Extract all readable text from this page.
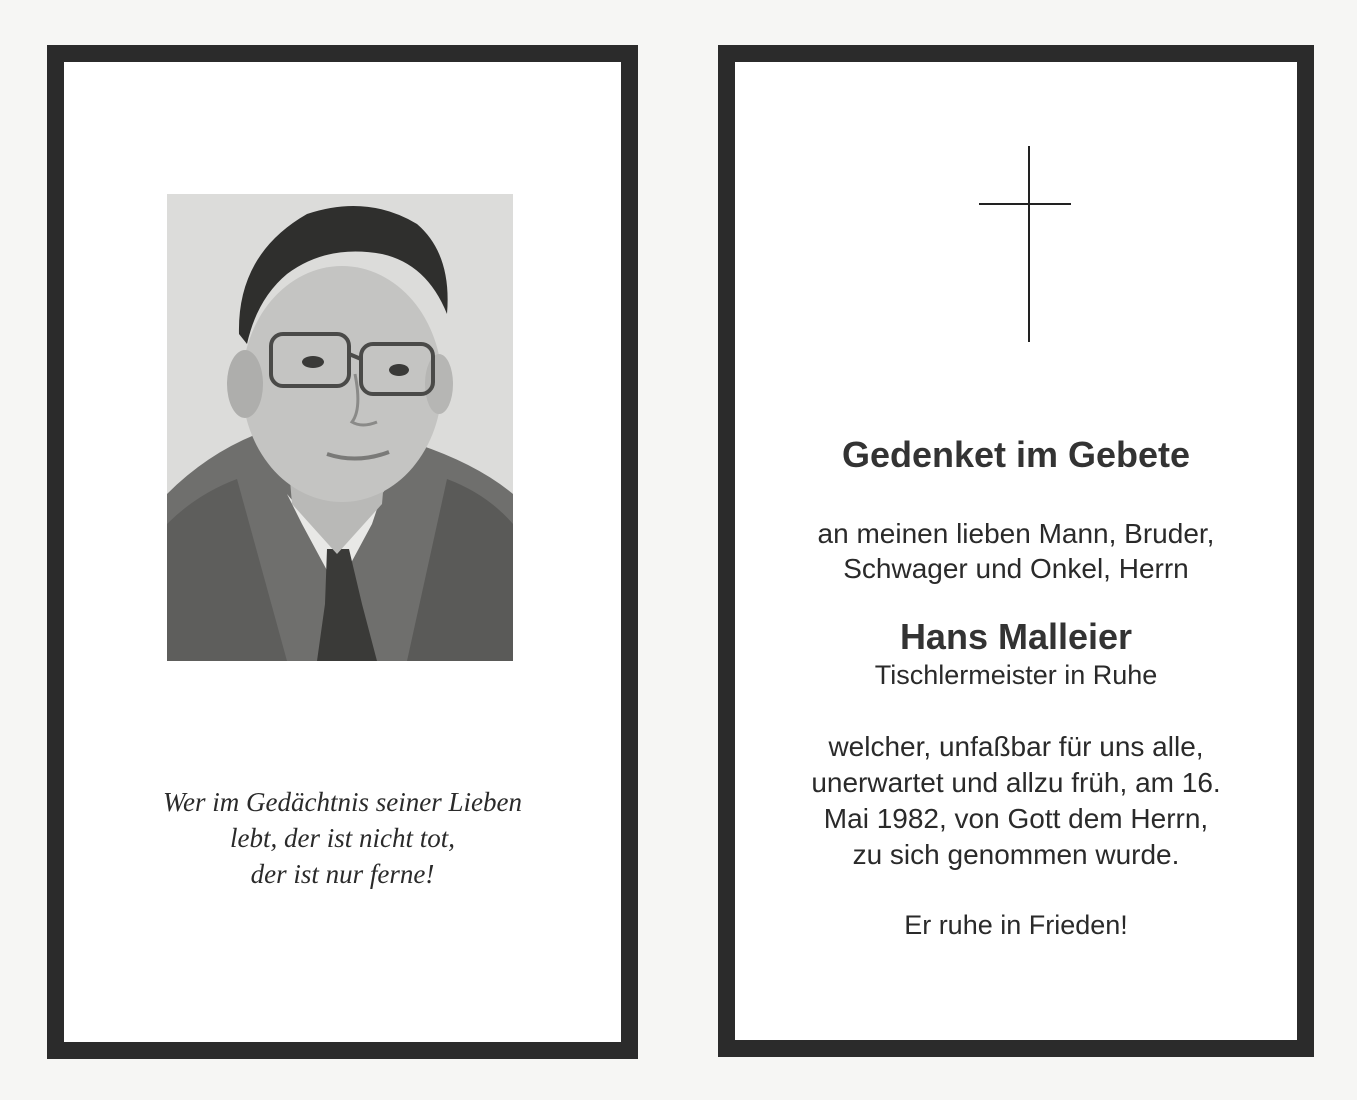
Wer im Gedächtnis seiner Lieben
lebt, der ist nicht tot,
der ist nur ferne!
Gedenket im Gebete
an meinen lieben Mann, Bruder,
Schwager und Onkel, Herrn
Hans Malleier
Tischlermeister in Ruhe
welcher, unfaßbar für uns alle,
unerwartet und allzu früh, am 16.
Mai 1982, von Gott dem Herrn,
zu sich genommen wurde.
Er ruhe in Frieden!
